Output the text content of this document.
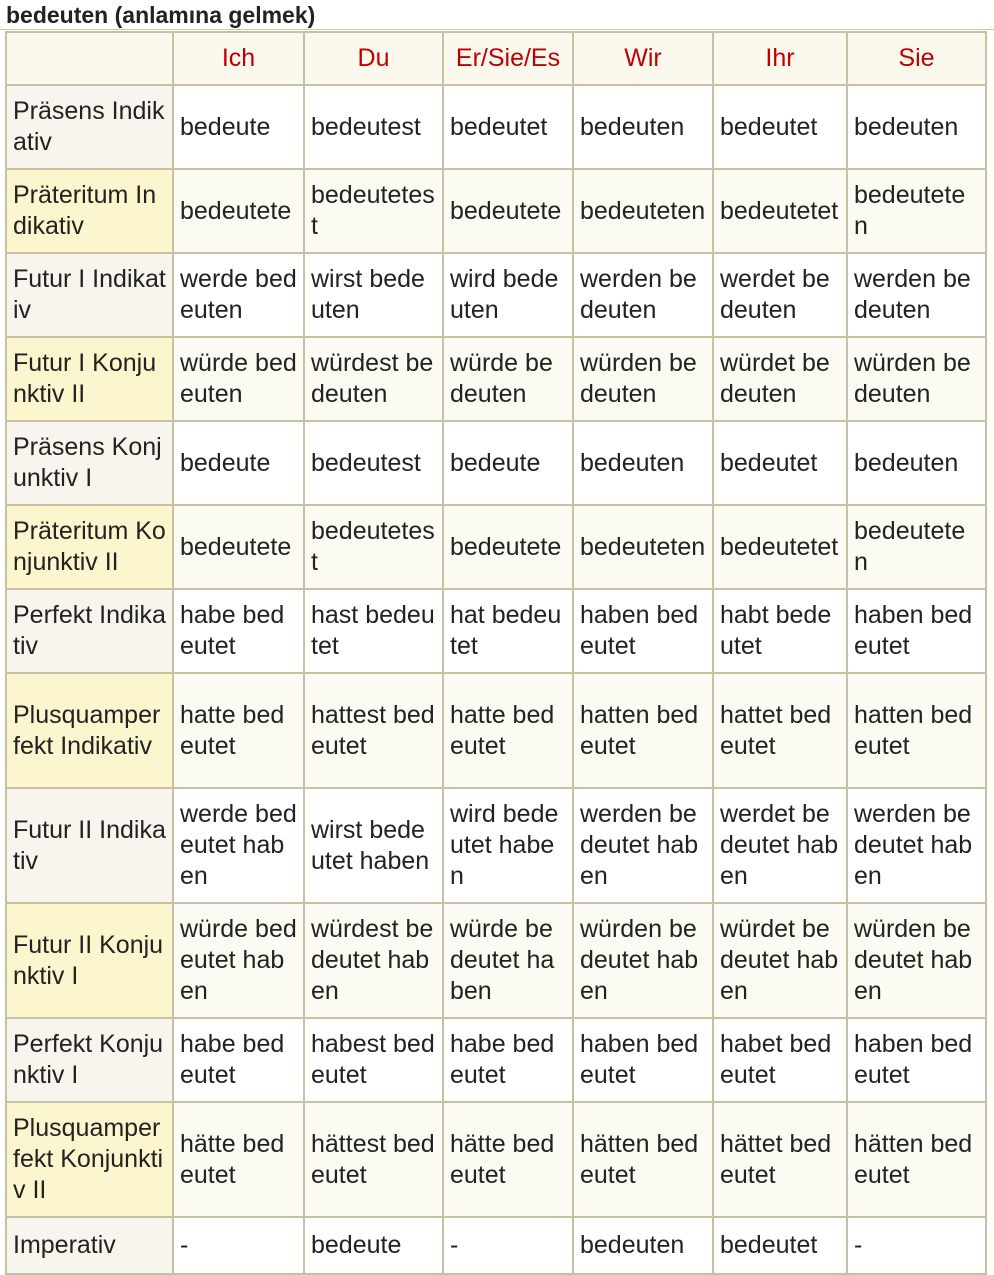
bedeuten (anlamına gelmek)
	Ich	Du	Er/Sie/Es	Wir	Ihr	Sie
Präsens Indikativ	bedeute	bedeutest	bedeutet	bedeuten	bedeutet	bedeuten
Präteritum Indikativ	bedeutete	bedeutetest	bedeutete	bedeuteten	bedeutetet	bedeuteten
Futur I Indikativ	werde bedeuten	wirst bedeuten	wird bedeuten	werden bedeuten	werdet bedeuten	werden bedeuten
Futur I Konjunktiv II	würde bedeuten	würdest bedeuten	würde bedeuten	würden bedeuten	würdet bedeuten	würden bedeuten
Präsens Konjunktiv I	bedeute	bedeutest	bedeute	bedeuten	bedeutet	bedeuten
Präteritum Konjunktiv II	bedeutete	bedeutetest	bedeutete	bedeuteten	bedeutetet	bedeuteten
Perfekt Indikativ	habe bedeutet	hast bedeutet	hat bedeutet	haben bedeutet	habt bedeutet	haben bedeutet
Plusquamperfekt Indikativ	hatte bedeutet	hattest bedeutet	hatte bedeutet	hatten bedeutet	hattet bedeutet	hatten bedeutet
Futur II Indikativ	werde bedeutet haben	wirst bedeutet haben	wird bedeutet haben	werden bedeutet haben	werdet bedeutet haben	werden bedeutet haben
Futur II Konjunktiv I	würde bedeutet haben	würdest bedeutet haben	würde bedeutet haben	würden bedeutet haben	würdet bedeutet haben	würden bedeutet haben
Perfekt Konjunktiv I	habe bedeutet	habest bedeutet	habe bedeutet	haben bedeutet	habet bedeutet	haben bedeutet
Plusquamperfekt Konjunktiv II	hätte bedeutet	hättest bedeutet	hätte bedeutet	hätten bedeutet	hättet bedeutet	hätten bedeutet
Imperativ	-	bedeute	-	bedeuten	bedeutet	-
